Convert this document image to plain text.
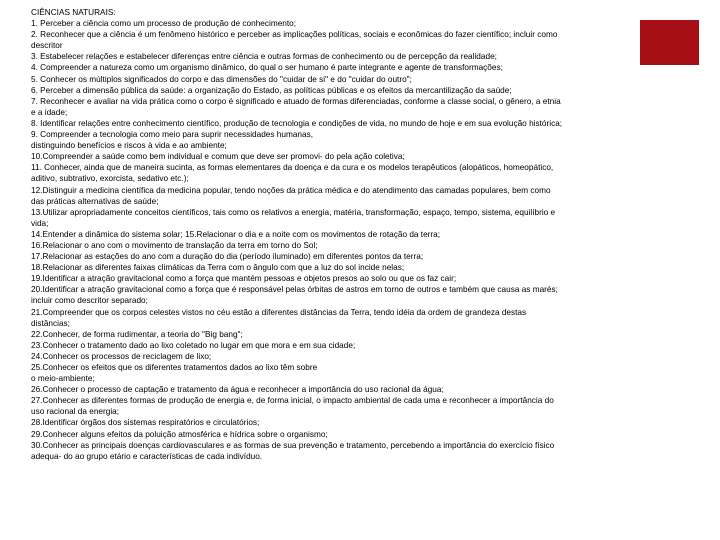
CIÊNCIAS NATURAIS:

1. Perceber a ciência como um processo de produção de conhecimento;

2. Reconhecer que a ciência é um fenômeno histórico e perceber as implicações políticas, sociais e econômicas do fazer científico; incluir como

descritor

3. Estabelecer relações e estabelecer diferenças entre ciência e outras formas de conhecimento ou de percepção da realidade;

4. Compreender a natureza como um organismo dinâmico, do qual o ser humano é parte integrante e agente de transformações;

5. Conhecer os múltiplos significados do corpo e das dimensões do "cuidar de si" e do "cuidar do outro";

6. Perceber a dimensão pública da saúde: a organização do Estado, as políticas públicas e os efeitos da mercantilização da saúde;

7. Reconhecer e avaliar na vida prática como o corpo é significado e atuado de formas diferenciadas, conforme a classe social, o gênero, a etnia

e a idade;

8. Identificar relações entre conhecimento científico, produção de tecnologia e condições de vida, no mundo de hoje e em sua evolução histórica;

9. Compreender a tecnologia como meio para suprir necessidades humanas,

distinguindo benefícios e riscos à vida e ao ambiente;

10.Compreender a saúde como bem individual e comum que deve ser promovi- do pela ação coletiva;

11. Conhecer, ainda que de maneira sucinta, as formas elementares da doença e da cura e os modelos terapêuticos (alopáticos, homeopático,

aditivo, subtrativo, exorcista, sedativo etc.);

12.Distinguir a medicina científica da medicina popular, tendo noções da prática médica e do atendimento das camadas populares, bem como

das práticas alternativas de saúde;

13.Utilizar apropriadamente conceitos científicos, tais como os relativos a energia, matéria, transformação, espaço, tempo, sistema, equilíbrio e

vida;

14.Entender a dinâmica do sistema solar; 15.Relacionar o dia e a noite com os movimentos de rotação da terra;

16.Relacionar o ano com o movimento de translação da terra em torno do Sol;

17.Relacionar as estações do ano com a duração do dia (período iluminado) em diferentes pontos da terra;

18.Relacionar as diferentes faixas climáticas da Terra com o ângulo com que a luz do sol incide nelas;

19.Identificar a atração gravitacional como a força que mantém pessoas e objetos presos ao solo ou que os faz cair;

20.Identificar a atração gravitacional como a força que é responsável pelas órbitas de astros em torno de outros e também que causa as marés;

incluir como descritor separado;

21.Compreender que os corpos celestes vistos no céu estão a diferentes distâncias da Terra, tendo idéia da ordem de grandeza destas

distâncias;

22.Conhecer, de forma rudimentar, a teoria do "Big bang";

23.Conhecer o tratamento dado ao lixo coletado no lugar em que mora e em sua cidade;

24.Conhecer os processos de reciclagem de lixo;

25.Conhecer os efeitos que os diferentes tratamentos dados ao lixo têm sobre

o meio-ambiente;

26.Conhecer o processo de captação e tratamento da água e reconhecer a importância do uso racional da água;

27.Conhecer as diferentes formas de produção de energia e, de forma inicial, o impacto ambiental de cada uma e reconhecer a importância do

uso racional da energia;

28.Identificar órgãos dos sistemas respiratórios e circulatórios;

29.Conhecer alguns efeitos da poluição atmosférica e hídrica sobre o organismo;

30.Conhecer as principais doenças cardiovasculares e as formas de sua prevenção e tratamento, percebendo a importância do exercício físico

adequa- do ao grupo etário e características de cada indivíduo.
